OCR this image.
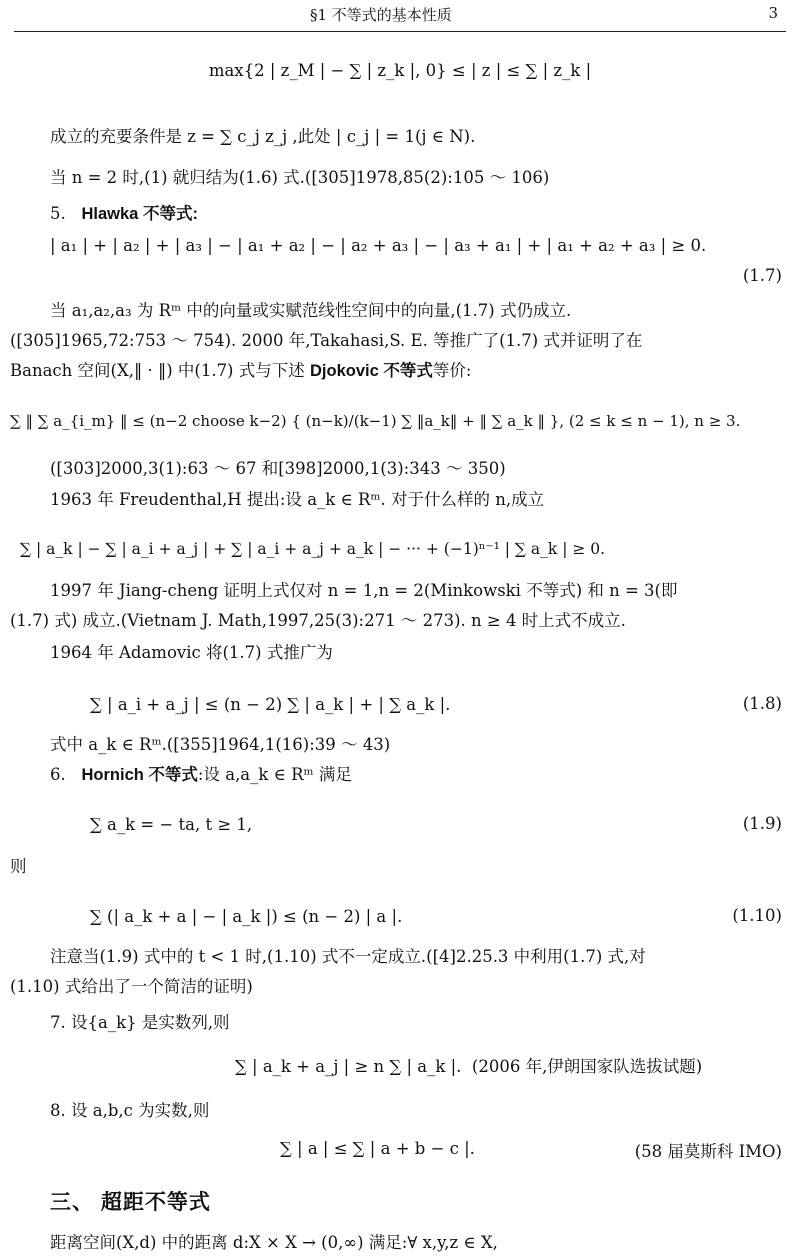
§1 不等式的基本性质	3
max{2 | z_M | − ∑ | z_k |, 0} ≤ | z | ≤ ∑ | z_k |
成立的充要条件是 z = ∑ c_j z_j ,此处 | c_j | = 1(j ∈ N).
当 n = 2 时,(1) 就归结为(1.6) 式.([305]1978,85(2):105 ～ 106)
5. Hlawka 不等式:
| a₁ | + | a₂ | + | a₃ | − | a₁ + a₂ | − | a₂ + a₃ | − | a₃ + a₁ | + | a₁ + a₂ + a₃ | ≥ 0.
(1.7)
当 a₁,a₂,a₃ 为 Rᵐ 中的向量或实赋范线性空间中的向量,(1.7) 式仍成立.
([305]1965,72:753 ～ 754). 2000 年,Takahasi,S. E. 等推广了(1.7) 式并证明了在
Banach 空间(X,‖ · ‖) 中(1.7) 式与下述 Djokovic 不等式等价:
∑ ‖ ∑ a_{i_m} ‖ ≤ (n−2 choose k−2) { (n−k)/(k−1) ∑ ‖a_k‖ + ‖ ∑ a_k ‖ }, (2 ≤ k ≤ n − 1), n ≥ 3.
([303]2000,3(1):63 ～ 67 和[398]2000,1(3):343 ～ 350)
1963 年 Freudenthal,H 提出:设 a_k ∈ Rᵐ. 对于什么样的 n,成立
∑ | a_k | − ∑ | a_i + a_j | + ∑ | a_i + a_j + a_k | − ··· + (−1)ⁿ⁻¹ | ∑ a_k | ≥ 0.
1997 年 Jiang-cheng 证明上式仅对 n = 1,n = 2(Minkowski 不等式) 和 n = 3(即
(1.7) 式) 成立.(Vietnam J. Math,1997,25(3):271 ～ 273). n ≥ 4 时上式不成立.
1964 年 Adamovic 将(1.7) 式推广为
∑ | a_i + a_j | ≤ (n − 2) ∑ | a_k | + | ∑ a_k |.	(1.8)
式中 a_k ∈ Rᵐ.([355]1964,1(16):39 ～ 43)
6. Hornich 不等式:设 a,a_k ∈ Rᵐ 满足
∑ a_k = − ta, t ≥ 1,	(1.9)
则
∑ (| a_k + a | − | a_k |) ≤ (n − 2) | a |.	(1.10)
注意当(1.9) 式中的 t < 1 时,(1.10) 式不一定成立.([4]2.25.3 中利用(1.7) 式,对
(1.10) 式给出了一个简洁的证明)
7. 设{a_k} 是实数列,则
∑ | a_k + a_j | ≥ n ∑ | a_k |. (2006 年,伊朗国家队选拔试题)
8. 设 a,b,c 为实数,则
∑ | a | ≤ ∑ | a + b − c |.	(58 届莫斯科 IMO)
三、 超距不等式
距离空间(X,d) 中的距离 d:X × X → (0,∞) 满足:∀ x,y,z ∈ X,
